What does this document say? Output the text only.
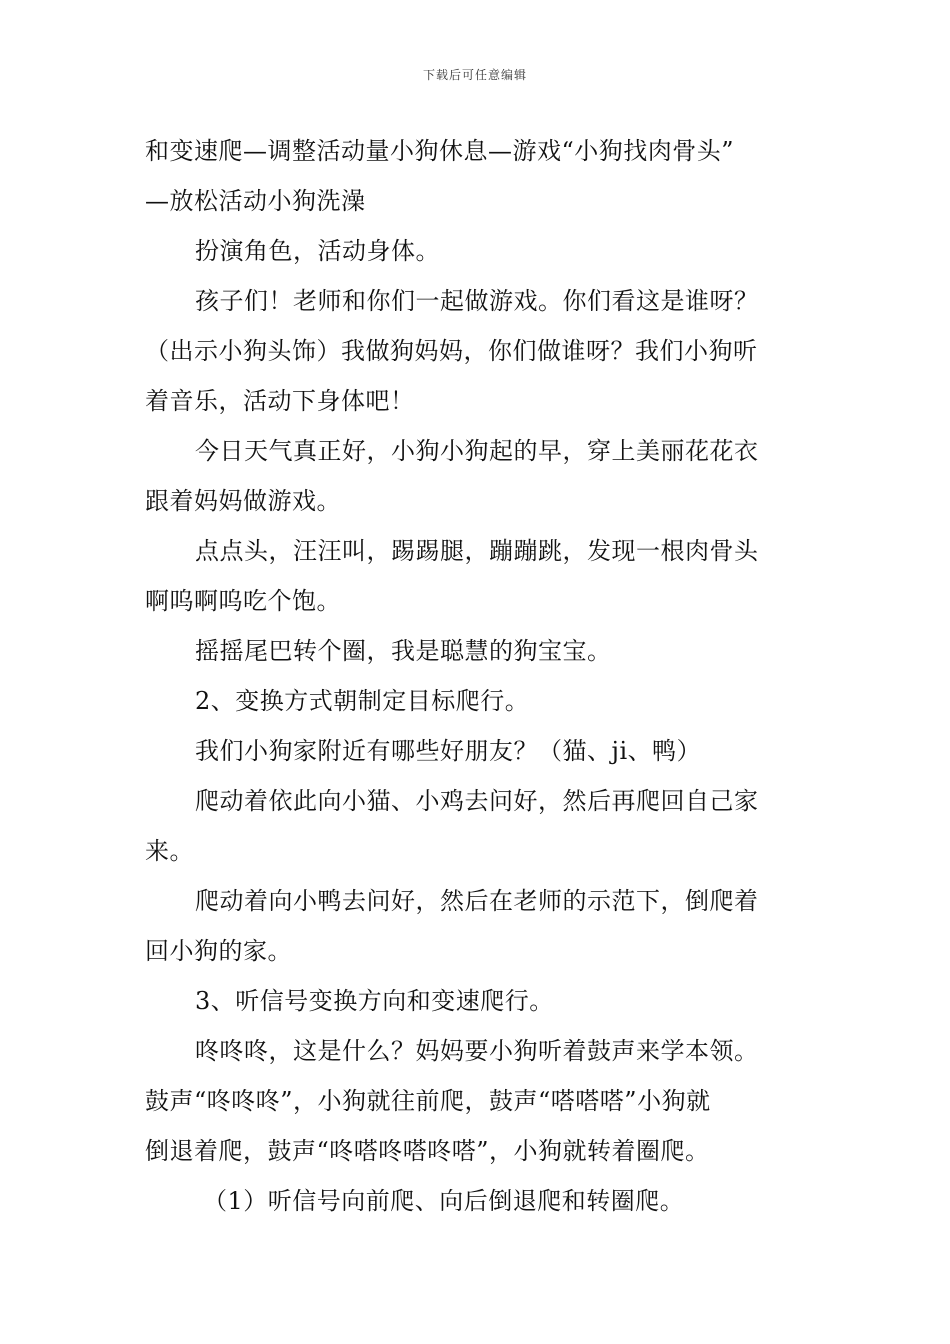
下载后可任意编辑
和变速爬—调整活动量小狗休息—游戏“小狗找肉骨头”
—放松活动小狗洗澡
扮演角色，活动身体。
孩子们！老师和你们一起做游戏。你们看这是谁呀？
（出示小狗头饰）我做狗妈妈，你们做谁呀？我们小狗听
着音乐，活动下身体吧！
今日天气真正好，小狗小狗起的早，穿上美丽花花衣
跟着妈妈做游戏。
点点头，汪汪叫，踢踢腿，蹦蹦跳，发现一根肉骨头
啊呜啊呜吃个饱。
摇摇尾巴转个圈，我是聪慧的狗宝宝。
2、变换方式朝制定目标爬行。
我们小狗家附近有哪些好朋友？（猫、ji、鸭）
爬动着依此向小猫、小鸡去问好，然后再爬回自己家
来。
爬动着向小鸭去问好，然后在老师的示范下，倒爬着
回小狗的家。
3、听信号变换方向和变速爬行。
咚咚咚，这是什么？妈妈要小狗听着鼓声来学本领。
鼓声“咚咚咚”，小狗就往前爬，鼓声“嗒嗒嗒”小狗就
倒退着爬，鼓声“咚嗒咚嗒咚嗒”，小狗就转着圈爬。
（1）听信号向前爬、向后倒退爬和转圈爬。
